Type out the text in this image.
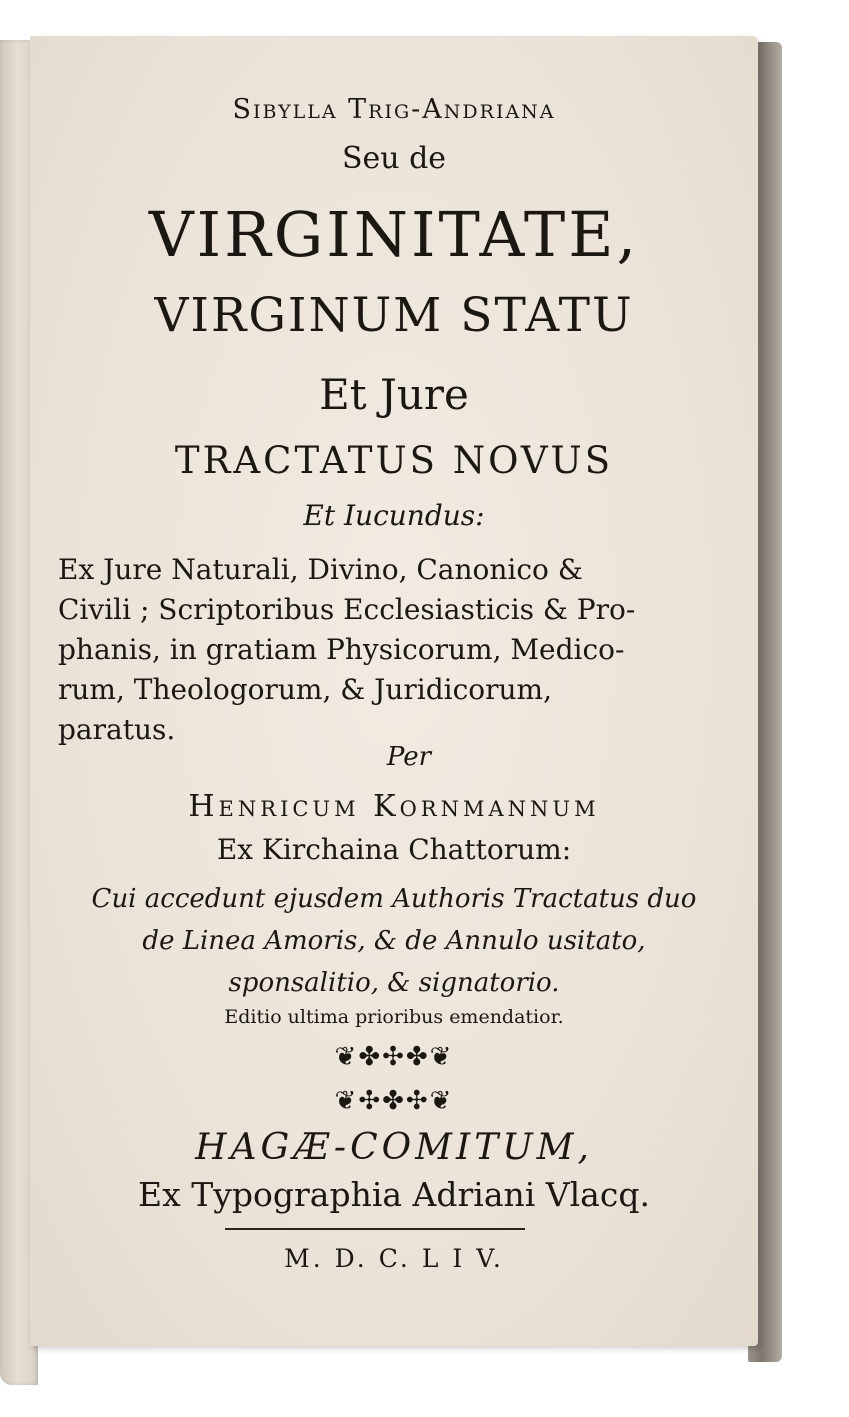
Sibylla Trig-Andriana
Seu de
VIRGINITATE,
VIRGINUM STATU
Et Jure
TRACTATUS NOVUS
Et Iucundus:
Ex Jure Naturali, Divino, Canonico &
Civili ; Scriptoribus Ecclesiasticis & Pro-
phanis, in gratiam Physicorum, Medico-
rum, Theologorum, & Juridicorum,
paratus.
Per
Henricum Kornmannum
Ex Kirchaina Chattorum:
Cui accedunt ejusdem Authoris Tractatus duo
de Linea Amoris, & de Annulo usitato,
sponsalitio, & signatorio.
Editio ultima prioribus emendatior.
❦✤✣✤❦
❦✣✤✣❦
HAGÆ-COMITUM,
Ex Typographia Adriani Vlacq.
M. D. C. L I V.
